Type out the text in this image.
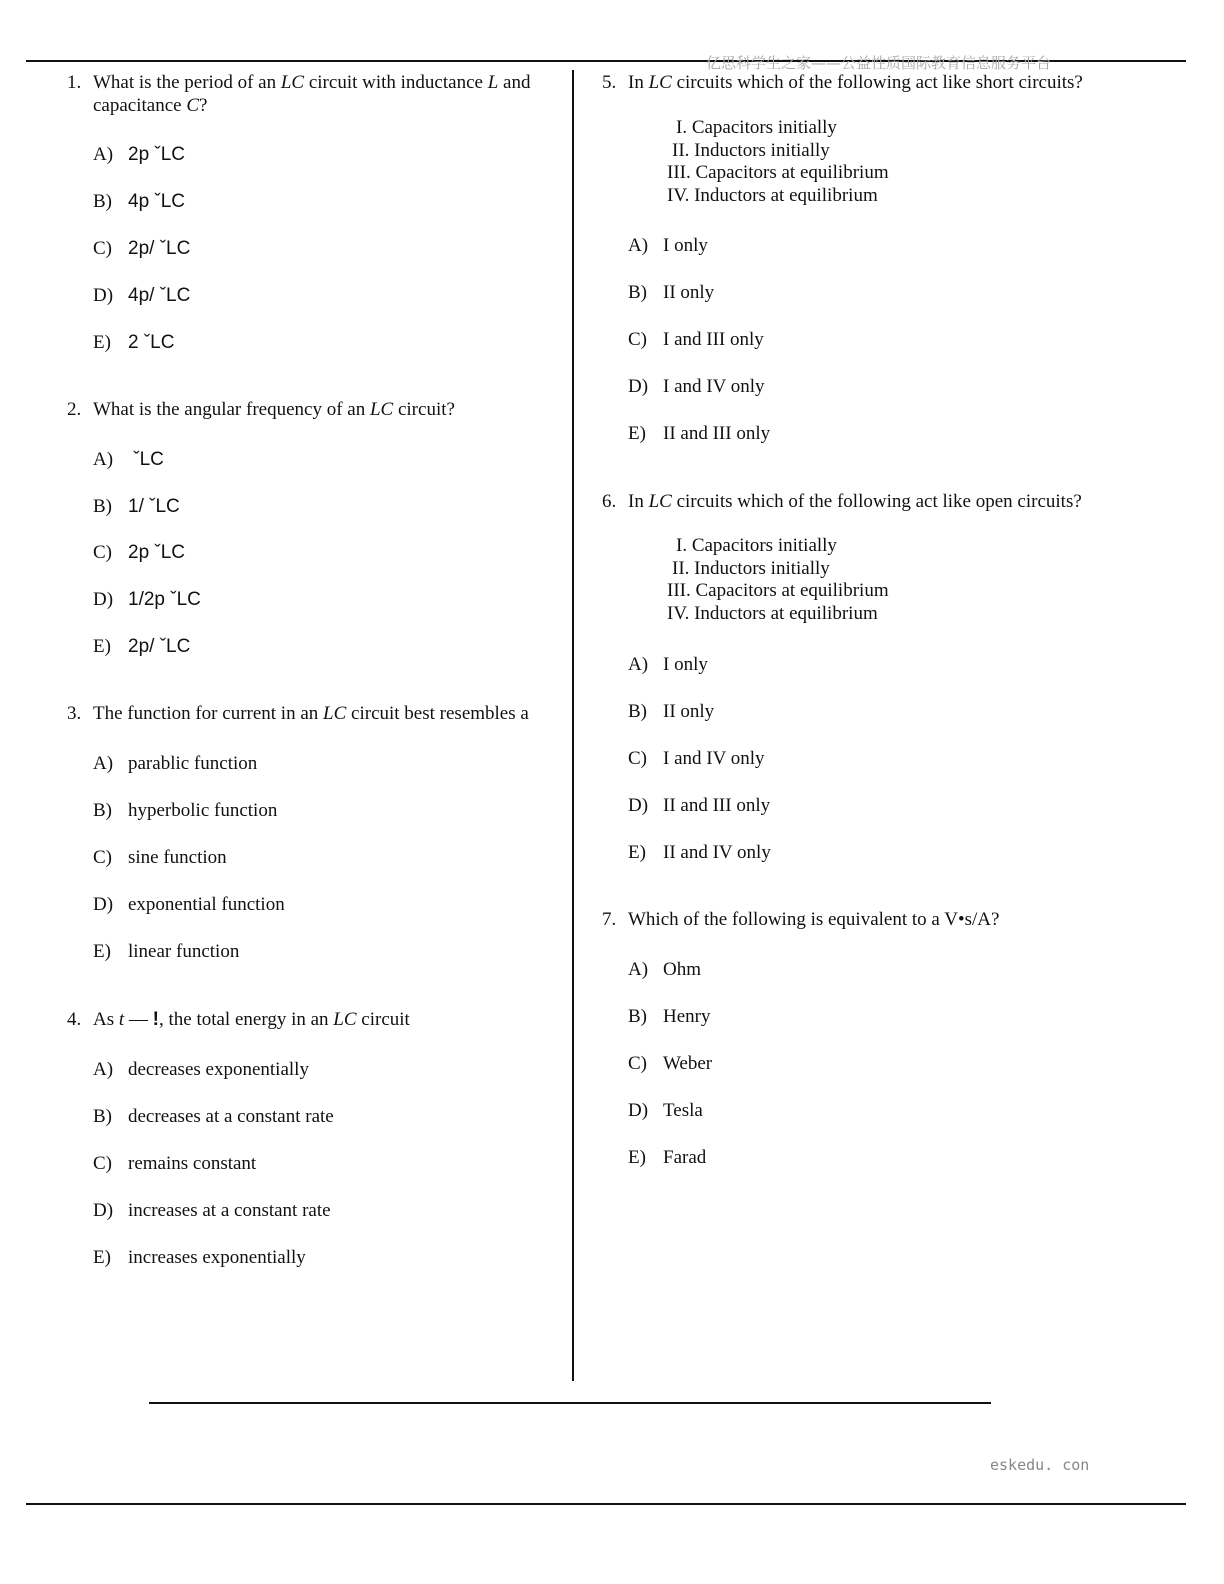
亿思科学生之家——公益性质国际教育信息服务平台
eskedu. con
1. What is the period of an LC circuit with inductance L and
capacitance C?
A) 2p ˇLC
B) 4p ˇLC
C) 2p/ ˇLC
D) 4p/ ˇLC
E) 2 ˇLC
2. What is the angular frequency of an LC circuit?
A) ˇLC
B) 1/ ˇLC
C) 2p ˇLC
D) 1/2p ˇLC
E) 2p/ ˇLC
3. The function for current in an LC circuit best resembles a
A) parablic function
B) hyperbolic function
C) sine function
D) exponential function
E) linear function
4. As t — !, the total energy in an LC circuit
A) decreases exponentially
B) decreases at a constant rate
C) remains constant
D) increases at a constant rate
E) increases exponentially
5. In LC circuits which of the following act like short circuits?
I. Capacitors initially
II. Inductors initially
III. Capacitors at equilibrium
IV. Inductors at equilibrium
A) I only
B) II only
C) I and III only
D) I and IV only
E) II and III only
6. In LC circuits which of the following act like open circuits?
I. Capacitors initially
II. Inductors initially
III. Capacitors at equilibrium
IV. Inductors at equilibrium
A) I only
B) II only
C) I and IV only
D) II and III only
E) II and IV only
7. Which of the following is equivalent to a V•s/A?
A) Ohm
B) Henry
C) Weber
D) Tesla
E) Farad
